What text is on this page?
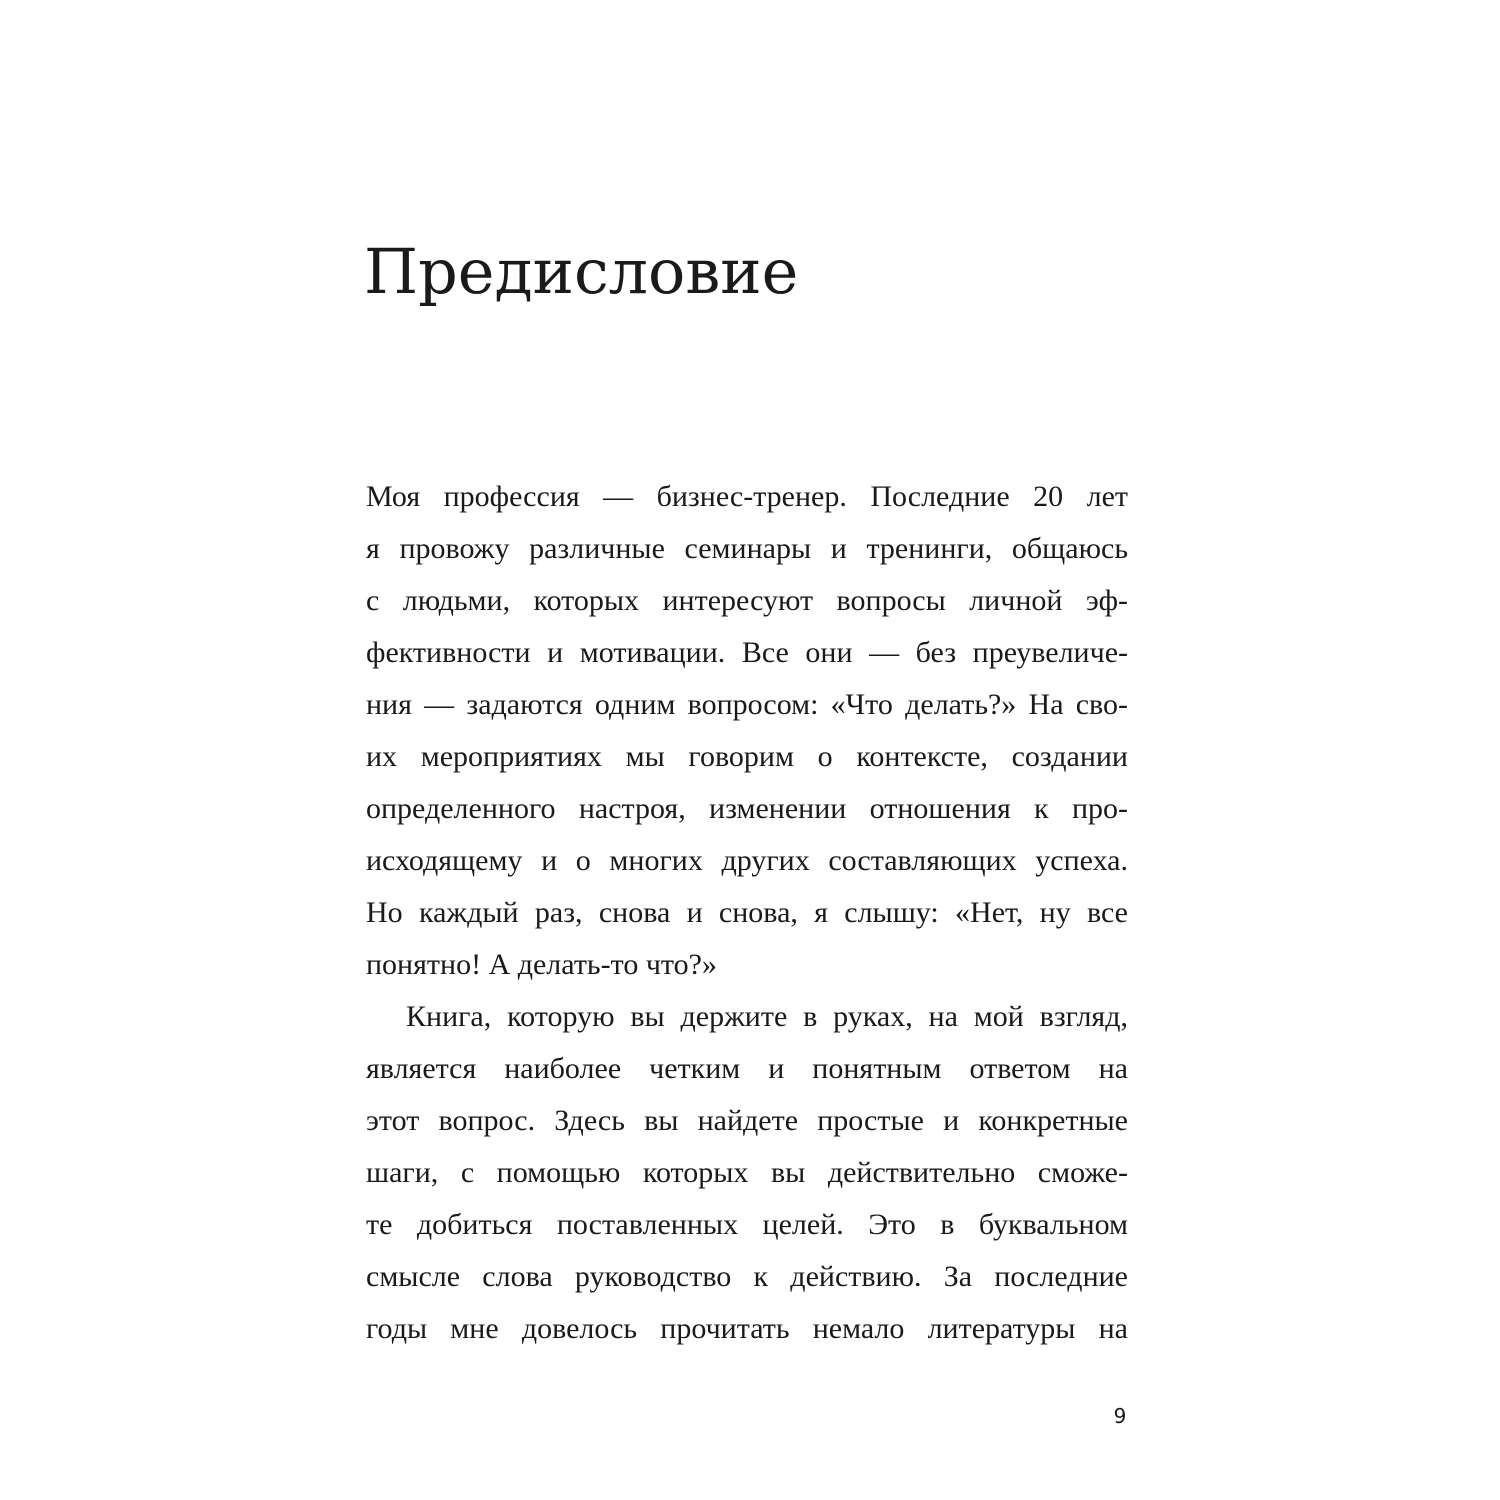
Предисловие
Моя профессия — бизнес-тренер. Последние 20 лет
я провожу различные семинары и тренинги, общаюсь
с людьми, которых интересуют вопросы личной эф-
фективности и мотивации. Все они — без преувеличе-
ния — задаются одним вопросом: «Что делать?» На сво-
их мероприятиях мы говорим о контексте, создании
определенного настроя, изменении отношения к про-
исходящему и о многих других составляющих успеха.
Но каждый раз, снова и снова, я слышу: «Нет, ну все
понятно! А делать-то что?»
Книга, которую вы держите в руках, на мой взгляд,
является наиболее четким и понятным ответом на
этот вопрос. Здесь вы найдете простые и конкретные
шаги, с помощью которых вы действительно сможе-
те добиться поставленных целей. Это в буквальном
смысле слова руководство к действию. За последние
годы мне довелось прочитать немало литературы на
9
